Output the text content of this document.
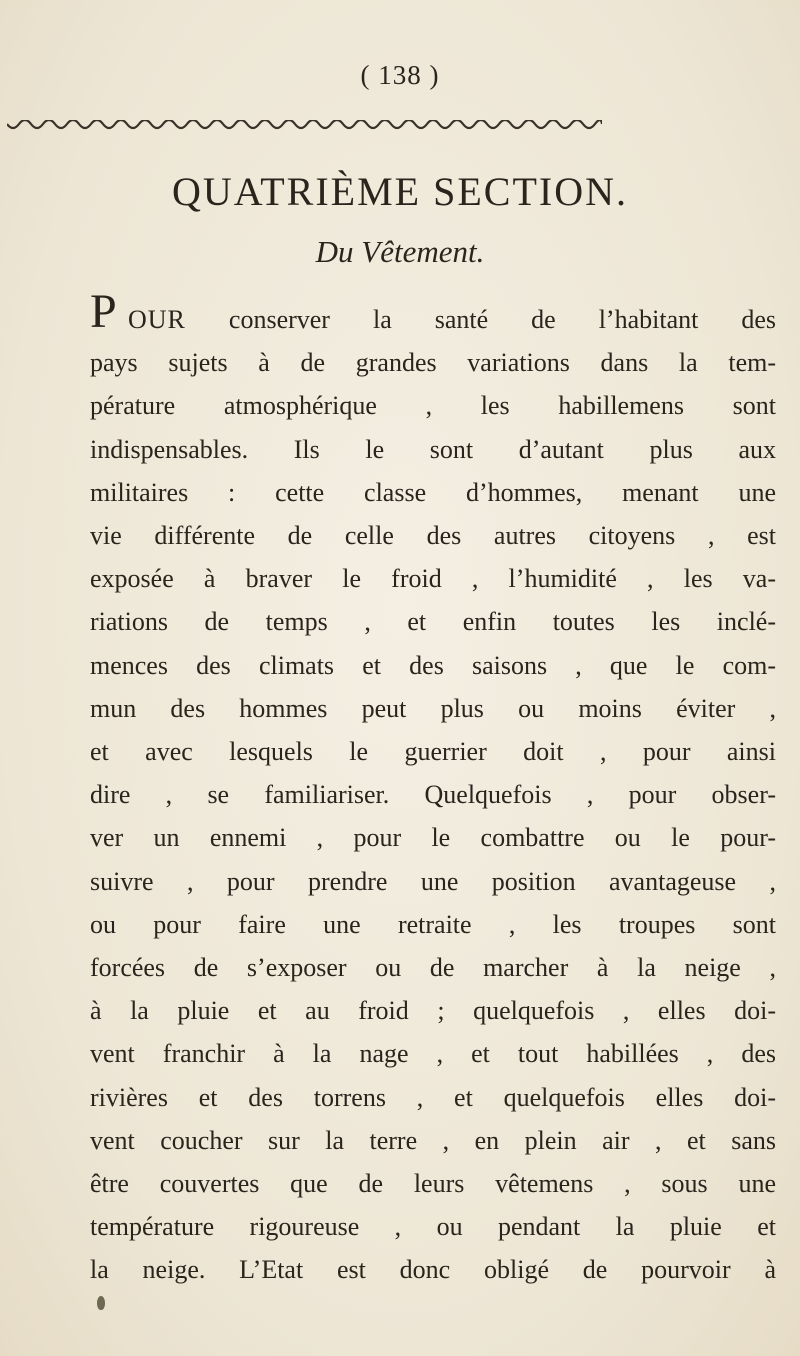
( 138 )
QUATRIÈME SECTION.
Du Vêtement.
P OUR conserver la santé de l’habitant des
pays sujets à de grandes variations dans la tem-
pérature atmosphérique , les habillemens sont
indispensables. Ils le sont d’autant plus aux
militaires : cette classe d’hommes, menant une
vie différente de celle des autres citoyens , est
exposée à braver le froid , l’humidité , les va-
riations de temps , et enfin toutes les inclé-
mences des climats et des saisons , que le com-
mun des hommes peut plus ou moins éviter ,
et avec lesquels le guerrier doit , pour ainsi
dire , se familiariser. Quelquefois , pour obser-
ver un ennemi , pour le combattre ou le pour-
suivre , pour prendre une position avantageuse ,
ou pour faire une retraite , les troupes sont
forcées de s’exposer ou de marcher à la neige ,
à la pluie et au froid ; quelquefois , elles doi-
vent franchir à la nage , et tout habillées , des
rivières et des torrens , et quelquefois elles doi-
vent coucher sur la terre , en plein air , et sans
être couvertes que de leurs vêtemens , sous une
température rigoureuse , ou pendant la pluie et
la neige. L’Etat est donc obligé de pourvoir à
